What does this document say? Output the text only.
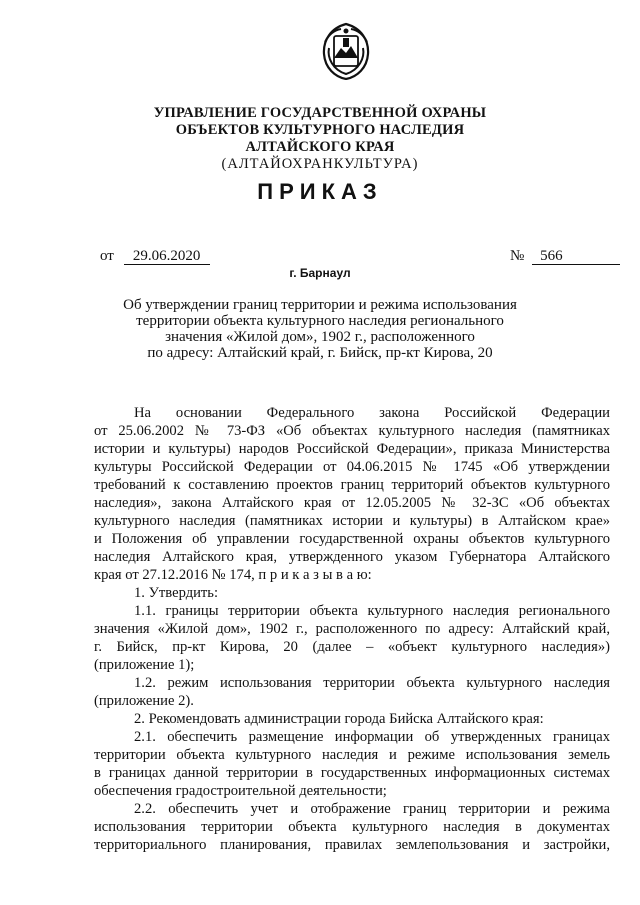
УПРАВЛЕНИЕ ГОСУДАРСТВЕННОЙ ОХРАНЫ
ОБЪЕКТОВ КУЛЬТУРНОГО НАСЛЕДИЯ
АЛТАЙСКОГО КРАЯ
(АЛТАЙОХРАНКУЛЬТУРА)
ПРИКАЗ
от 29.06.2020	№ 566
г. Барнаул
Об утверждении границ территории и режима использования
территории объекта культурного наследия регионального
значения «Жилой дом», 1902 г., расположенного
по адресу: Алтайский край, г. Бийск, пр-кт Кирова, 20
На основании Федерального закона Российской Федерации
от 25.06.2002 № 73-ФЗ «Об объектах культурного наследия (памятниках
истории и культуры) народов Российской Федерации», приказа Министерства
культуры Российской Федерации от 04.06.2015 № 1745 «Об утверждении
требований к составлению проектов границ территорий объектов культурного
наследия», закона Алтайского края от 12.05.2005 № 32-ЗС «Об объектах
культурного наследия (памятниках истории и культуры) в Алтайском крае»
и Положения об управлении государственной охраны объектов культурного
наследия Алтайского края, утвержденного указом Губернатора Алтайского
края от 27.12.2016 № 174, п р и к а з ы в а ю:
1. Утвердить:
1.1. границы территории объекта культурного наследия регионального
значения «Жилой дом», 1902 г., расположенного по адресу: Алтайский край,
г. Бийск, пр-кт Кирова, 20 (далее – «объект культурного наследия»)
(приложение 1);
1.2. режим использования территории объекта культурного наследия
(приложение 2).
2. Рекомендовать администрации города Бийска Алтайского края:
2.1. обеспечить размещение информации об утвержденных границах
территории объекта культурного наследия и режиме использования земель
в границах данной территории в государственных информационных системах
обеспечения градостроительной деятельности;
2.2. обеспечить учет и отображение границ территории и режима
использования территории объекта культурного наследия в документах
территориального планирования, правилах землепользования и застройки,
